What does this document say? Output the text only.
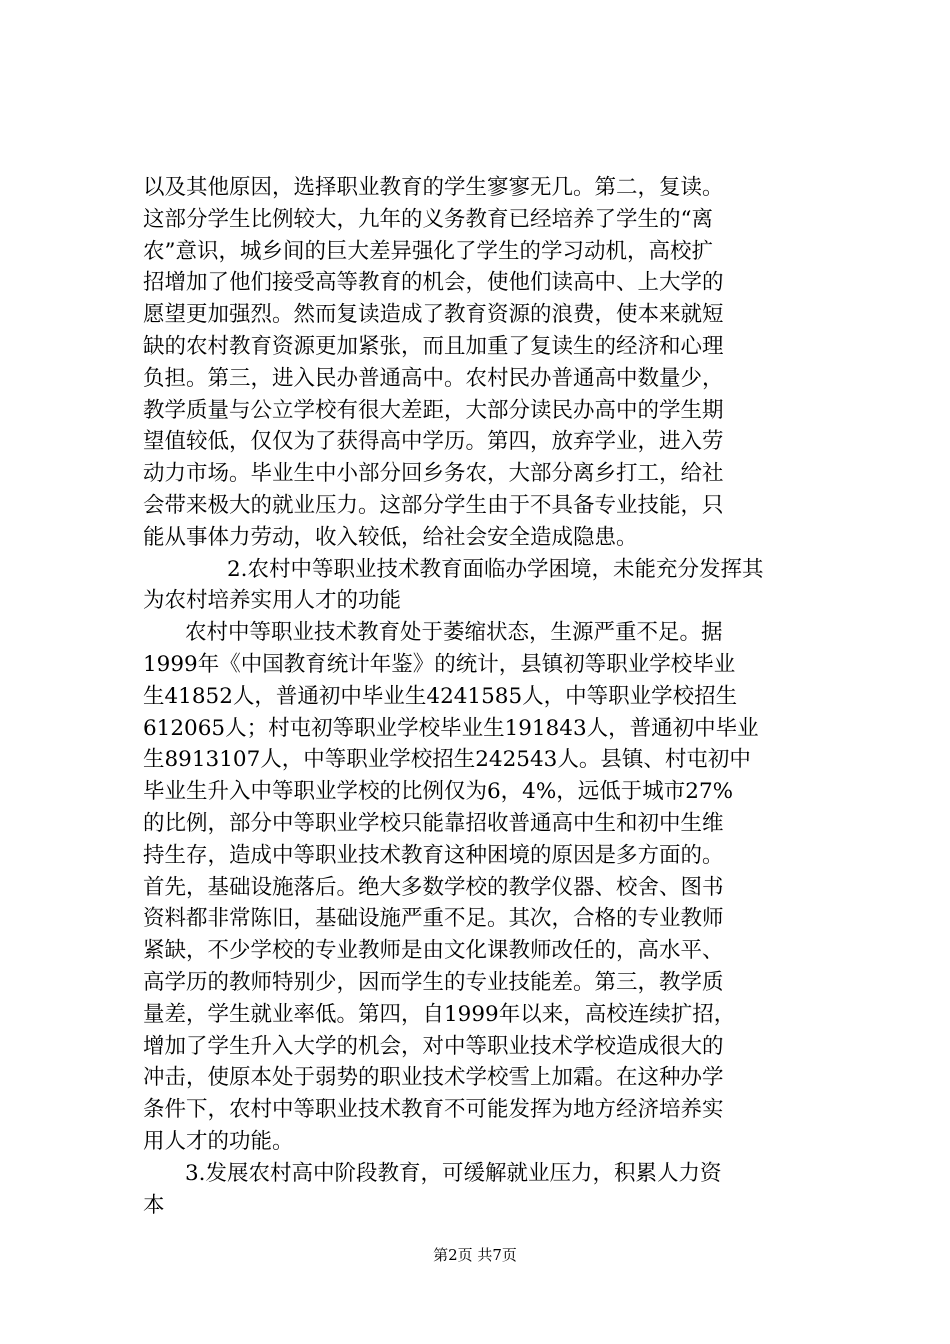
以及其他原因，选择职业教育的学生寥寥无几。第二，复读。
这部分学生比例较大，九年的义务教育已经培养了学生的“离
农”意识，城乡间的巨大差异强化了学生的学习动机，高校扩
招增加了他们接受高等教育的机会，使他们读高中、上大学的
愿望更加强烈。然而复读造成了教育资源的浪费，使本来就短
缺的农村教育资源更加紧张，而且加重了复读生的经济和心理
负担。第三，进入民办普通高中。农村民办普通高中数量少，
教学质量与公立学校有很大差距，大部分读民办高中的学生期
望值较低，仅仅为了获得高中学历。第四，放弃学业，进入劳
动力市场。毕业生中小部分回乡务农，大部分离乡打工，给社
会带来极大的就业压力。这部分学生由于不具备专业技能，只
能从事体力劳动，收入较低，给社会安全造成隐患。

2.农村中等职业技术教育面临办学困境，未能充分发挥其
为农村培养实用人才的功能

农村中等职业技术教育处于萎缩状态，生源严重不足。据
1999年《中国教育统计年鉴》的统计，县镇初等职业学校毕业
生41852人，普通初中毕业生4241585人，中等职业学校招生
612065人；村屯初等职业学校毕业生191843人，普通初中毕业
生8913107人，中等职业学校招生242543人。县镇、村屯初中
毕业生升入中等职业学校的比例仅为6，4%，远低于城市27%
的比例，部分中等职业学校只能靠招收普通高中生和初中生维
持生存，造成中等职业技术教育这种困境的原因是多方面的。
首先，基础设施落后。绝大多数学校的教学仪器、校舍、图书
资料都非常陈旧，基础设施严重不足。其次，合格的专业教师
紧缺，不少学校的专业教师是由文化课教师改任的，高水平、
高学历的教师特别少，因而学生的专业技能差。第三，教学质
量差，学生就业率低。第四，自1999年以来，高校连续扩招，
增加了学生升入大学的机会，对中等职业技术学校造成很大的
冲击，使原本处于弱势的职业技术学校雪上加霜。在这种办学
条件下，农村中等职业技术教育不可能发挥为地方经济培养实
用人才的功能。

3.发展农村高中阶段教育，可缓解就业压力，积累人力资
本

第2页 共7页
